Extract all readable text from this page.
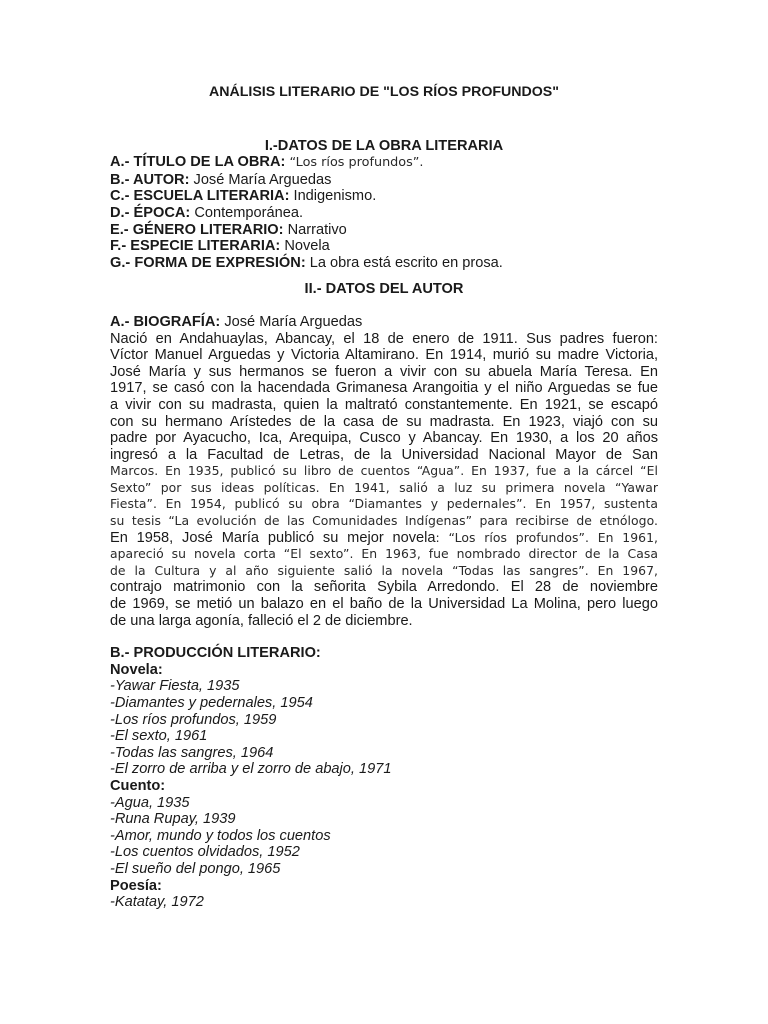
ANÁLISIS LITERARIO DE "LOS RÍOS PROFUNDOS"

I.-DATOS DE LA OBRA LITERARIA

A.- TÍTULO DE LA OBRA: “Los ríos profundos”.

B.- AUTOR: José María Arguedas

C.- ESCUELA LITERARIA: Indigenismo.

D.- ÉPOCA: Contemporánea.

E.- GÉNERO LITERARIO: Narrativo

F.- ESPECIE LITERARIA: Novela

G.- FORMA DE EXPRESIÓN: La obra está escrito en prosa.

II.- DATOS DEL AUTOR

A.- BIOGRAFÍA: José María Arguedas

Nació en Andahuaylas, Abancay, el 18 de enero de 1911. Sus padres fueron:
Víctor Manuel Arguedas y Victoria Altamirano. En 1914, murió su madre Victoria,
José María y sus hermanos se fueron a vivir con su abuela María Teresa. En
1917, se casó con la hacendada Grimanesa Arangoitia y el niño Arguedas se fue
a vivir con su madrasta, quien la maltrató constantemente. En 1921, se escapó
con su hermano Arístedes de la casa de su madrasta. En 1923, viajó con su
padre por Ayacucho, Ica, Arequipa, Cusco y Abancay. En 1930, a los 20 años
ingresó a la Facultad de Letras, de la Universidad Nacional Mayor de San
Marcos. En 1935, publicó su libro de cuentos “Agua”. En 1937, fue a la cárcel “El
Sexto” por sus ideas políticas. En 1941, salió a luz su primera novela “Yawar
Fiesta”. En 1954, publicó su obra “Diamantes y pedernales”. En 1957, sustenta
su tesis “La evolución de las Comunidades Indígenas” para recibirse de etnólogo.
En 1958, José María publicó su mejor novela: “Los ríos profundos”. En 1961,
apareció su novela corta “El sexto”. En 1963, fue nombrado director de la Casa
de la Cultura y al año siguiente salió la novela “Todas las sangres”. En 1967,
contrajo matrimonio con la señorita Sybila Arredondo. El 28 de noviembre
de 1969, se metió un balazo en el baño de la Universidad La Molina, pero luego
de una larga agonía, falleció el 2 de diciembre.

B.- PRODUCCIÓN LITERARIO:

Novela:

-Yawar Fiesta, 1935

-Diamantes y pedernales, 1954

-Los ríos profundos, 1959

-El sexto, 1961

-Todas las sangres, 1964

-El zorro de arriba y el zorro de abajo, 1971

Cuento:

-Agua, 1935

-Runa Rupay, 1939

-Amor, mundo y todos los cuentos

-Los cuentos olvidados, 1952

-El sueño del pongo, 1965

Poesía:

-Katatay, 1972
